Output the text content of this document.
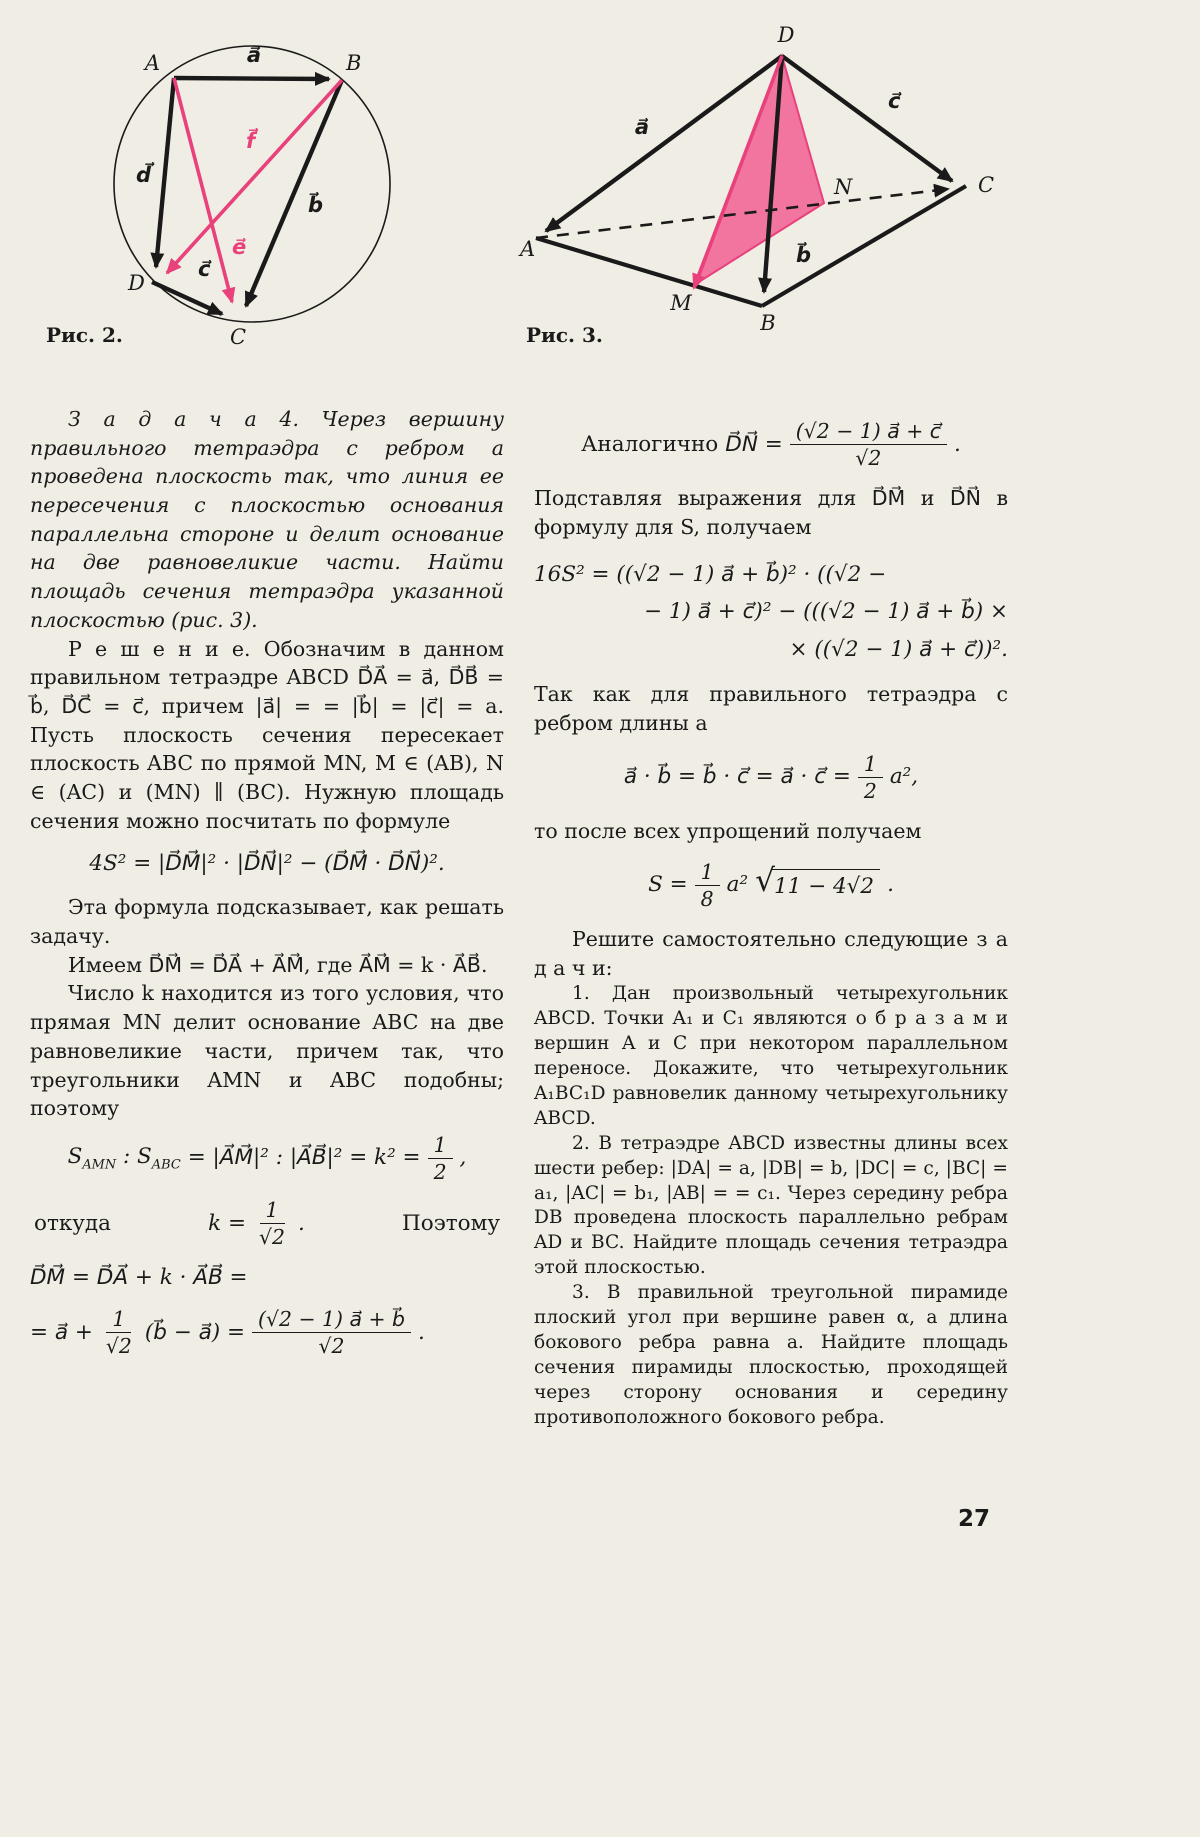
A	B
D
C
a⃗
d⃗
b⃗
c⃗
f⃗
e⃗
Рис. 2.
D
A
C
B
M
N
a⃗
c⃗
b⃗
Рис. 3.

З а д а ч а 4. Через вершину правильного тетраэдра с ребром a проведена плоскость так, что линия ее пересечения с плоскостью основания параллельна стороне и делит основание на две равновеликие части. Найти площадь сечения тетраэдра указанной плоскостью (рис. 3).

Р е ш е н и е. Обозначим в данном правильном тетраэдре ABCD D⃗A⃗ = a⃗, D⃗B⃗ = b⃗, D⃗C⃗ = c⃗, причем |a⃗| = = |b⃗| = |c⃗| = a. Пусть плоскость сечения пересекает плоскость ABC по прямой MN, M ∈ (AB), N ∈ (AC) и (MN) ∥ (BC). Нужную площадь сечения можно посчитать по формуле

4S² = |D⃗M⃗|² · |D⃗N⃗|² − (D⃗M⃗ · D⃗N⃗)².

Эта формула подсказывает, как решать задачу.

Имеем D⃗M⃗ = D⃗A⃗ + A⃗M⃗, где A⃗M⃗ = k · A⃗B⃗.

Число k находится из того условия, что прямая MN делит основание ABC на две равновеликие части, причем так, что треугольники AMN и ABC подобны; поэтому

$S_{AMN}$ : $S_{ABC}$ = |A⃗M⃗|² : |A⃗B⃗|² = $k^2 = \frac{1}{2}$ ,
откуда	$k = \frac{1}{√2}$ .	Поэтому
D⃗M⃗ = D⃗A⃗ + k · A⃗B⃗ =
= a⃗ + $\frac{1}{√2}$ (b⃗ − a⃗) = $\frac{(√2 - 1) a⃗ + b⃗}{√2}$ .
Аналогично D⃗N⃗ = $\frac{(√2 - 1) a⃗ + c⃗}{√2}$ .

Подставляя выражения для D⃗M⃗ и D⃗N⃗ в формулу для S, получаем

16S² = ((√2 − 1) a⃗ + b⃗)² · ((√2 −
− 1) a⃗ + c⃗)² − (((√2 − 1) a⃗ + b⃗) ×
× ((√2 − 1) a⃗ + c⃗))².

Так как для правильного тетраэдра с ребром длины a

a⃗ · b⃗ = b⃗ · c⃗ = a⃗ · c⃗ = $\frac{1}{2} a^2$,

то после всех упрощений получаем

$S = \frac{1}{8} a^2$ √ 11 − 4√2 .

Решите самостоятельно следующие з а д а ч и:

1. Дан произвольный четырехугольник ABCD. Точки A₁ и C₁ являются о б р а з а м и вершин A и C при некотором параллельном переносе. Докажите, что четырехугольник A₁BC₁D равновелик данному четырехугольнику ABCD.

2. В тетраэдре ABCD известны длины всех шести ребер: |DA| = a, |DB| = b, |DC| = c, |BC| = a₁, |AC| = b₁, |AB| = = c₁. Через середину ребра DB проведена плоскость параллельно ребрам AD и BC. Найдите площадь сечения тетраэдра этой плоскостью.

3. В правильной треугольной пирамиде плоский угол при вершине равен α, а длина бокового ребра равна a. Найдите площадь сечения пирамиды плоскостью, проходящей через сторону основания и середину противоположного бокового ребра.

27
